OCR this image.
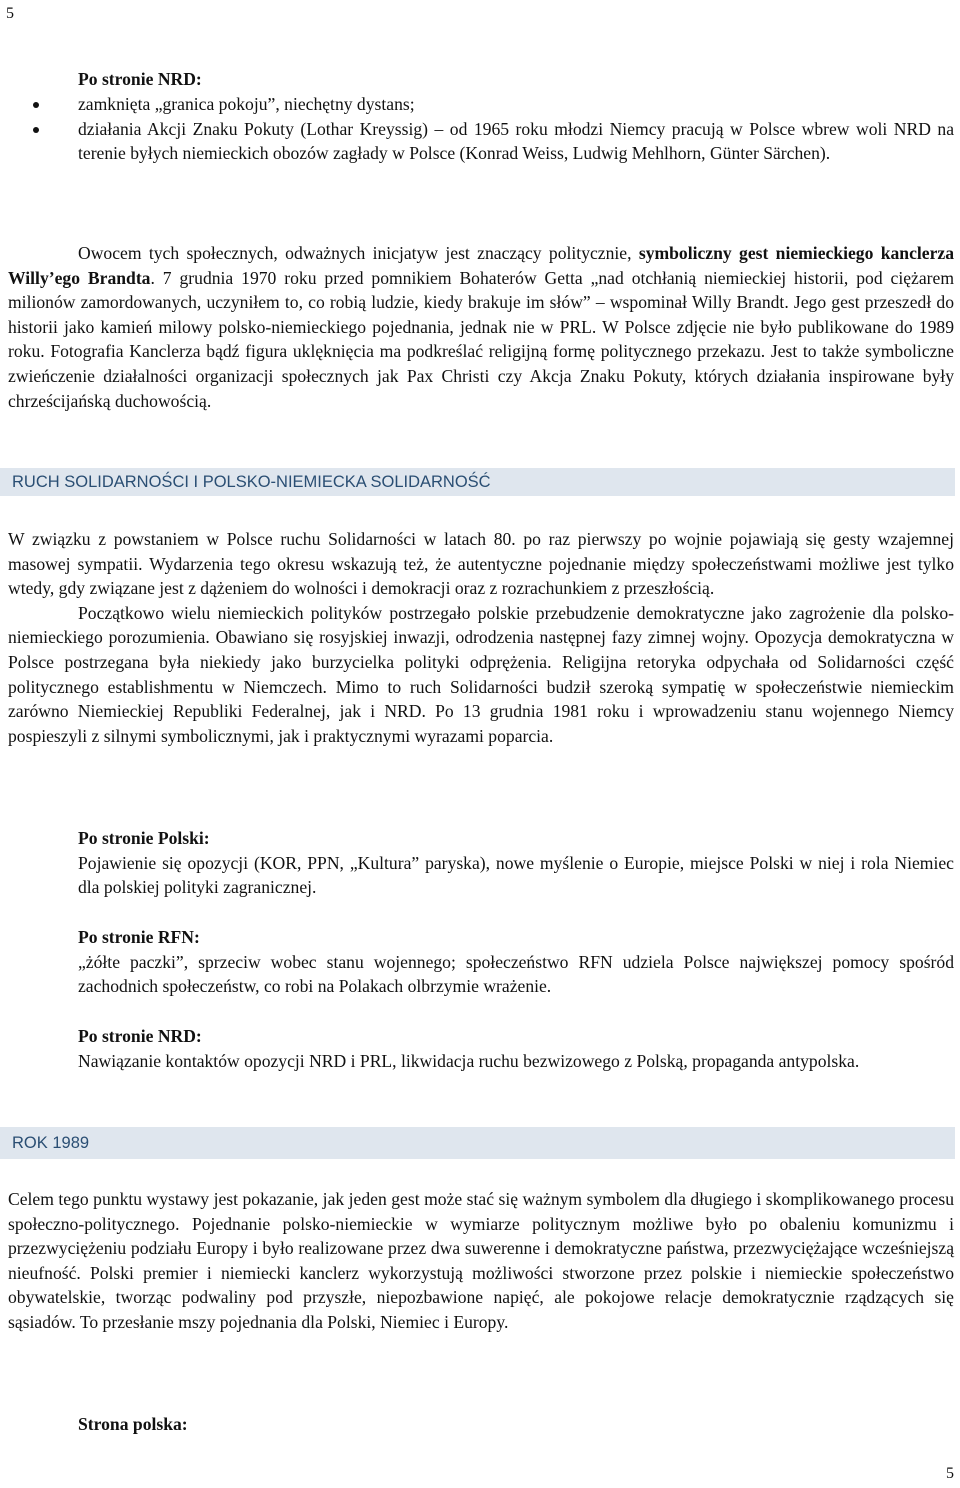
5
Po stronie NRD:
zamknięta „granica pokoju”, niechętny dystans;
działania Akcji Znaku Pokuty (Lothar Kreyssig) – od 1965 roku młodzi Niemcy pracują w Polsce wbrew woli NRD na terenie byłych niemieckich obozów zagłady w Polsce (Konrad Weiss, Ludwig Mehlhorn, Günter Särchen).

Owocem tych społecznych, odważnych inicjatyw jest znaczący politycznie, symboliczny gest niemieckiego kanclerza Willy’ego Brandta. 7 grudnia 1970 roku przed pomnikiem Bohaterów Getta „nad otchłanią niemieckiej historii, pod ciężarem milionów zamordowanych, uczyniłem to, co robią ludzie, kiedy brakuje im słów” – wspominał Willy Brandt. Jego gest przeszedł do historii jako kamień milowy polsko-niemieckiego pojednania, jednak nie w PRL. W Polsce zdjęcie nie było publikowane do 1989 roku. Fotografia Kanclerza bądź figura uklęknięcia ma podkreślać religijną formę politycznego przekazu. Jest to także symboliczne zwieńczenie działalności organizacji społecznych jak Pax Christi czy Akcja Znaku Pokuty, których działania inspirowane były chrześcijańską duchowością.

RUCH SOLIDARNOŚCI I POLSKO-NIEMIECKA SOLIDARNOŚĆ

W związku z powstaniem w Polsce ruchu Solidarności w latach 80. po raz pierwszy po wojnie pojawiają się gesty wzajemnej masowej sympatii. Wydarzenia tego okresu wskazują też, że autentyczne pojednanie między społeczeństwami możliwe jest tylko wtedy, gdy związane jest z dążeniem do wolności i demokracji oraz z rozrachunkiem z przeszłością.

Początkowo wielu niemieckich polityków postrzegało polskie przebudzenie demokratyczne jako zagrożenie dla polsko-niemieckiego porozumienia. Obawiano się rosyjskiej inwazji, odrodzenia następnej fazy zimnej wojny. Opozycja demokratyczna w Polsce postrzegana była niekiedy jako burzycielka polityki odprężenia. Religijna retoryka odpychała od Solidarności część politycznego establishmentu w Niemczech. Mimo to ruch Solidarności budził szeroką sympatię w społeczeństwie niemieckim zarówno Niemieckiej Republiki Federalnej, jak i NRD. Po 13 grudnia 1981 roku i wprowadzeniu stanu wojennego Niemcy pospieszyli z silnymi symbolicznymi, jak i praktycznymi wyrazami poparcia.

Po stronie Polski:

Pojawienie się opozycji (KOR, PPN, „Kultura” paryska), nowe myślenie o Europie, miejsce Polski w niej i rola Niemiec dla polskiej polityki zagranicznej.

Po stronie RFN:

„żółte paczki”, sprzeciw wobec stanu wojennego; społeczeństwo RFN udziela Polsce największej pomocy spośród zachodnich społeczeństw, co robi na Polakach olbrzymie wrażenie.

Po stronie NRD:

Nawiązanie kontaktów opozycji NRD i PRL, likwidacja ruchu bezwizowego z Polską, propaganda antypolska.

ROK 1989

Celem tego punktu wystawy jest pokazanie, jak jeden gest może stać się ważnym symbolem dla długiego i skomplikowanego procesu społeczno-politycznego. Pojednanie polsko-niemieckie w wymiarze politycznym możliwe było po obaleniu komunizmu i przezwyciężeniu podziału Europy i było realizowane przez dwa suwerenne i demokratyczne państwa, przezwyciężające wcześniejszą nieufność. Polski premier i niemiecki kanclerz wykorzystują możliwości stworzone przez polskie i niemieckie społeczeństwo obywatelskie, tworząc podwaliny pod przyszłe, niepozbawione napięć, ale pokojowe relacje demokratycznie rządzących się sąsiadów. To przesłanie mszy pojednania dla Polski, Niemiec i Europy.

Strona polska:
5
